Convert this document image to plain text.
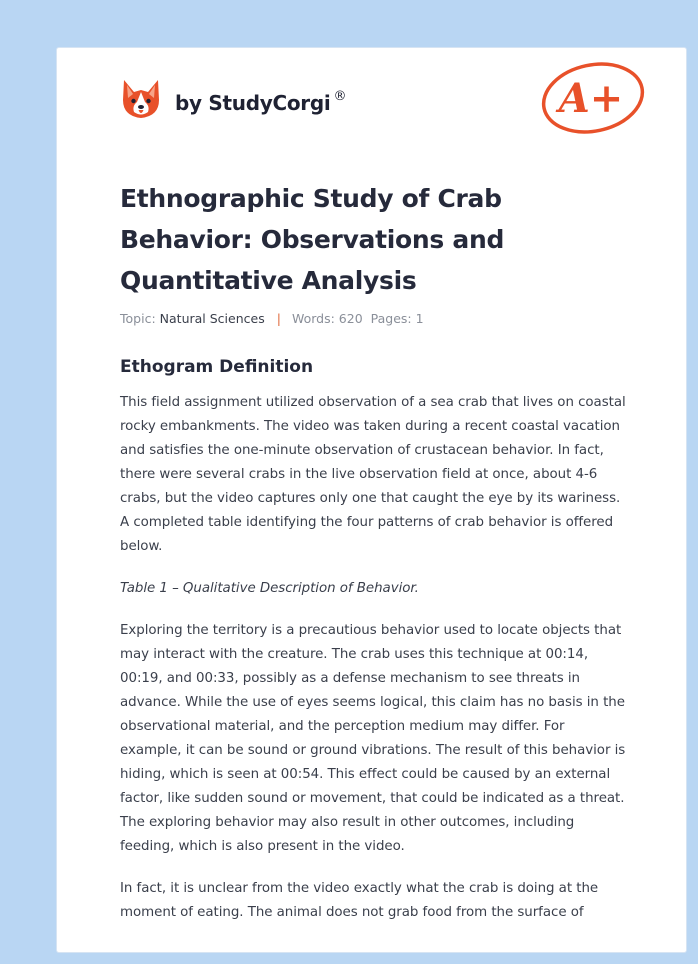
by StudyCorgi ®	A+
Ethnographic Study of Crab Behavior: Observations and Quantitative Analysis
Topic: Natural Sciences | Words: 620 Pages: 1
Ethogram Definition

This field assignment utilized observation of a sea crab that lives on coastal rocky embankments. The video was taken during a recent coastal vacation and satisfies the one-minute observation of crustacean behavior. In fact, there were several crabs in the live observation field at once, about 4-6 crabs, but the video captures only one that caught the eye by its wariness. A completed table identifying the four patterns of crab behavior is offered below.

Table 1 – Qualitative Description of Behavior.

Exploring the territory is a precautious behavior used to locate objects that may interact with the creature. The crab uses this technique at 00:14, 00:19, and 00:33, possibly as a defense mechanism to see threats in advance. While the use of eyes seems logical, this claim has no basis in the observational material, and the perception medium may differ. For example, it can be sound or ground vibrations. The result of this behavior is hiding, which is seen at 00:54. This effect could be caused by an external factor, like sudden sound or movement, that could be indicated as a threat. The exploring behavior may also result in other outcomes, including feeding, which is also present in the video.

In fact, it is unclear from the video exactly what the crab is doing at the moment of eating. The animal does not grab food from the surface of
